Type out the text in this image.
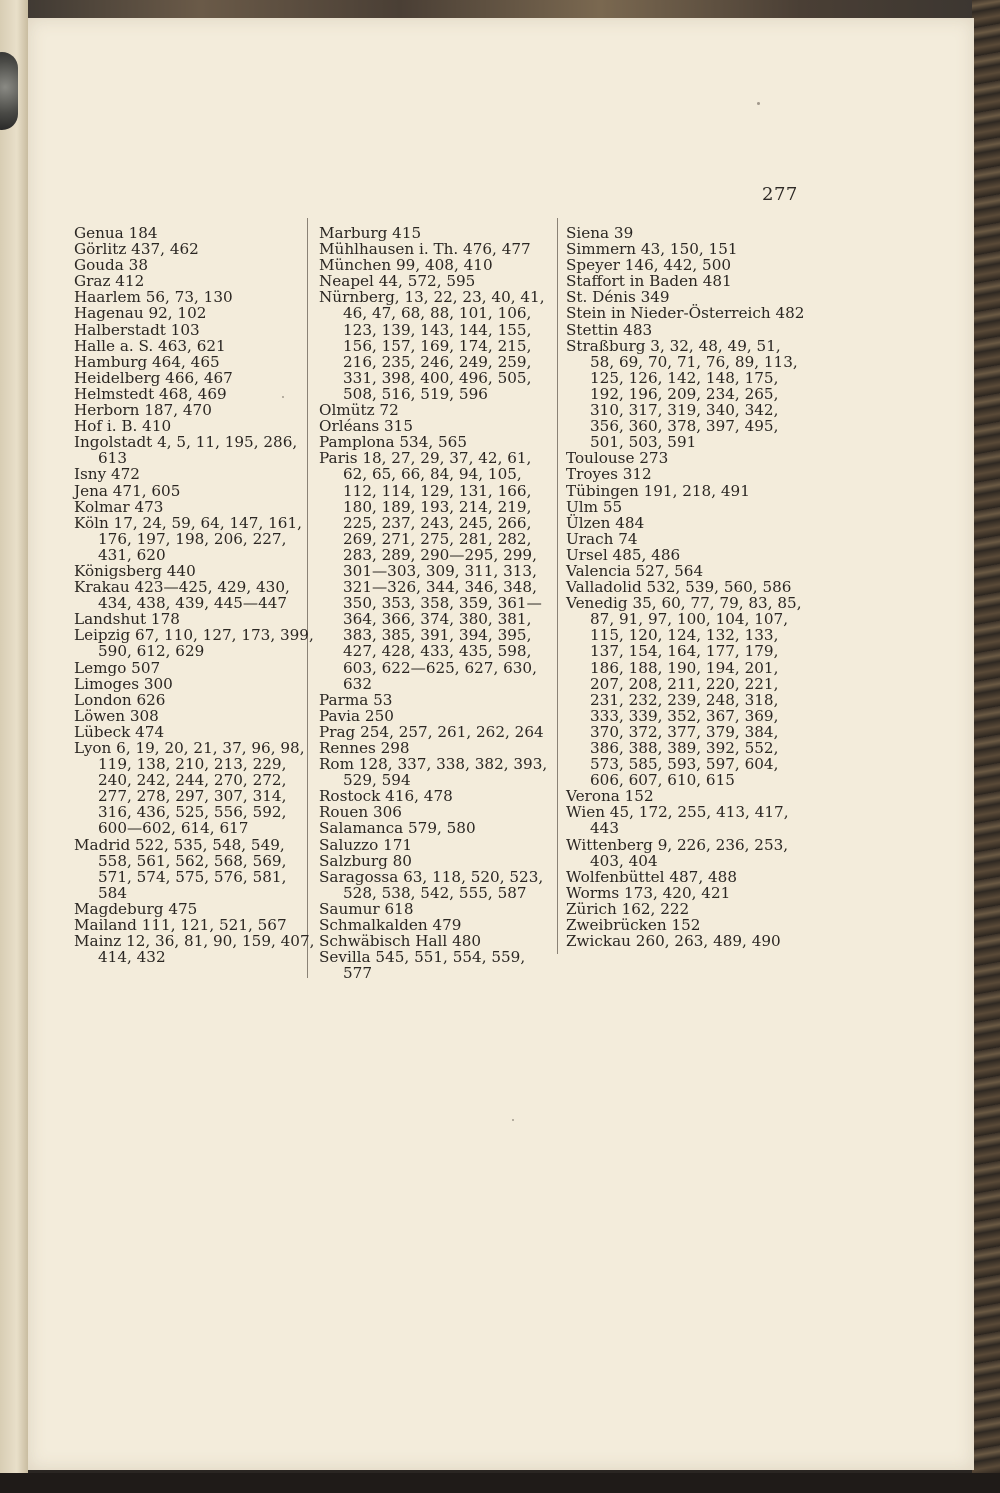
277

Genua 184

Görlitz 437, 462

Gouda 38

Graz 412

Haarlem 56, 73, 130

Hagenau 92, 102

Halberstadt 103

Halle a. S. 463, 621

Hamburg 464, 465

Heidelberg 466, 467

Helmstedt 468, 469

Herborn 187, 470

Hof i. B. 410

Ingolstadt 4, 5, 11, 195, 286, 613

Isny 472

Jena 471, 605

Kolmar 473

Köln 17, 24, 59, 64, 147, 161, 176, 197, 198, 206, 227, 431, 620

Königsberg 440

Krakau 423—425, 429, 430, 434, 438, 439, 445—447

Landshut 178

Leipzig 67, 110, 127, 173, 399, 590, 612, 629

Lemgo 507

Limoges 300

London 626

Löwen 308

Lübeck 474

Lyon 6, 19, 20, 21, 37, 96, 98, 119, 138, 210, 213, 229, 240, 242, 244, 270, 272, 277, 278, 297, 307, 314, 316, 436, 525, 556, 592, 600—602, 614, 617

Madrid 522, 535, 548, 549, 558, 561, 562, 568, 569, 571, 574, 575, 576, 581, 584

Magdeburg 475

Mailand 111, 121, 521, 567

Mainz 12, 36, 81, 90, 159, 407, 414, 432

Marburg 415

Mühlhausen i. Th. 476, 477

München 99, 408, 410

Neapel 44, 572, 595

Nürnberg, 13, 22, 23, 40, 41, 46, 47, 68, 88, 101, 106, 123, 139, 143, 144, 155, 156, 157, 169, 174, 215, 216, 235, 246, 249, 259, 331, 398, 400, 496, 505, 508, 516, 519, 596

Olmütz 72

Orléans 315

Pamplona 534, 565

Paris 18, 27, 29, 37, 42, 61, 62, 65, 66, 84, 94, 105, 112, 114, 129, 131, 166, 180, 189, 193, 214, 219, 225, 237, 243, 245, 266, 269, 271, 275, 281, 282, 283, 289, 290—295, 299, 301—303, 309, 311, 313, 321—326, 344, 346, 348, 350, 353, 358, 359, 361—364, 366, 374, 380, 381, 383, 385, 391, 394, 395, 427, 428, 433, 435, 598, 603, 622—625, 627, 630, 632

Parma 53

Pavia 250

Prag 254, 257, 261, 262, 264

Rennes 298

Rom 128, 337, 338, 382, 393, 529, 594

Rostock 416, 478

Rouen 306

Salamanca 579, 580

Saluzzo 171

Salzburg 80

Saragossa 63, 118, 520, 523, 528, 538, 542, 555, 587

Saumur 618

Schmalkalden 479

Schwäbisch Hall 480

Sevilla 545, 551, 554, 559, 577

Siena 39

Simmern 43, 150, 151

Speyer 146, 442, 500

Staffort in Baden 481

St. Dénis 349

Stein in Nieder-Österreich 482

Stettin 483

Straßburg 3, 32, 48, 49, 51, 58, 69, 70, 71, 76, 89, 113, 125, 126, 142, 148, 175, 192, 196, 209, 234, 265, 310, 317, 319, 340, 342, 356, 360, 378, 397, 495, 501, 503, 591

Toulouse 273

Troyes 312

Tübingen 191, 218, 491

Ulm 55

Ülzen 484

Urach 74

Ursel 485, 486

Valencia 527, 564

Valladolid 532, 539, 560, 586

Venedig 35, 60, 77, 79, 83, 85, 87, 91, 97, 100, 104, 107, 115, 120, 124, 132, 133, 137, 154, 164, 177, 179, 186, 188, 190, 194, 201, 207, 208, 211, 220, 221, 231, 232, 239, 248, 318, 333, 339, 352, 367, 369, 370, 372, 377, 379, 384, 386, 388, 389, 392, 552, 573, 585, 593, 597, 604, 606, 607, 610, 615

Verona 152

Wien 45, 172, 255, 413, 417, 443

Wittenberg 9, 226, 236, 253, 403, 404

Wolfenbüttel 487, 488

Worms 173, 420, 421

Zürich 162, 222

Zweibrücken 152

Zwickau 260, 263, 489, 490
